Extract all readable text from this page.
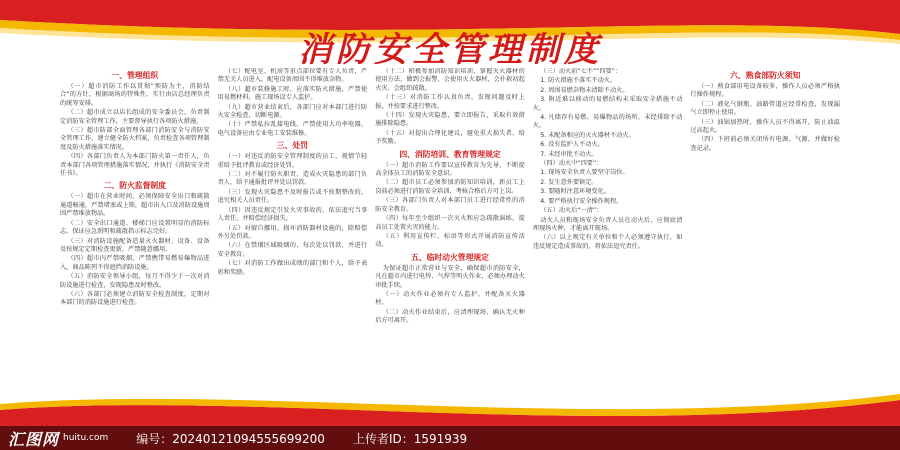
消防安全管理制度
一、管理组织

（一）超市消防工作以贯彻“预防为主，消防结合”的方针，根据商场的特殊性，实行由店总经理负责的统筹安排。

（二）超市成立以店长组成的安全委员会，负责制定消防安全管理工作，主要督导执行各项防火措施。

（三）超市防部全面管理各部门消防安全与消防安全管理工作，建立健全防火档案，负责检查各项管理制度及防火措施落实情况。

（四）各部门负责人为本部门防火第一责任人，负责本部门各项管理措施落实情况，并执行《消防安全责任书》。

二、防火监督制度

（一）超市在营业时间，必须保障安全出口和疏散通道畅通，严禁堵塞或上锁，超市出入口及消防设施周围严禁堆放物品。

（二）安全出口通道、楼梯口应设置明显的消防标志，保证应急照明和疏散指示标志完好。

（三）对消防设施配备适量灭火器材，设备、设备及按规定定期检查更新，严禁随意挪用。

（四）超市内严禁吸烟，严禁携带易燃易爆物品进入，商品陈列不得遮挡消防设施。

（五）消防安全领导小组，每月不得少于一次对消防设施进行检查，发现隐患及时整改。

（六）各部门必须建立消防安全检查制度，定期对本部门的消防设施进行检查。

（七）配电室、机房等重点部位要有专人负责，严禁无关人员进入，配电设备周围不得堆放杂物。

（八）超市装修施工时，应落实防火措施，严禁使用易燃材料，施工现场设专人监护。

（九）超市营业结束后，各部门应对本部门进行防火安全检查，切断电源。

（十）严禁私拉乱接电线，严禁使用大功率电器，电气设备应由专业电工安装维修。

三、处罚

（一）对违反消防安全管理制度的员工，视情节轻重给予批评教育或经济处罚。

（二）对不履行防火职责，造成火灾隐患的部门负责人，给予通报批评并处以罚款。

（三）发现火灾隐患不及时报告或不按期整改的，追究相关人员责任。

（四）因违反规定引发火灾事故的，依法追究当事人责任，并赔偿经济损失。

（五）对擅自挪用、损坏消防器材设施的，除赔偿外另处罚款。

（六）在禁烟区域吸烟的，每次处以罚款，并进行安全教育。

（七）对消防工作做出成绩的部门和个人，给予表彰和奖励。

（十二）积极参加消防知识培训，掌握灭火器材的使用方法，做到会报警、会使用灭火器材、会扑救初起火灾、会组织疏散。

（十三）对消防工作认真负责，发现问题及时上报，并按要求进行整改。

（十四）发现火灾隐患，要立即报告，采取有效措施排除隐患。

（十五）对提出合理化建议，避免重大损失者，给予奖励。

四、消防培训、教育管理规定

（一）超市消防工作要以宣传教育为先导，不断提高全体员工的消防安全意识。

（二）超市员工必须参加消防知识培训，新员工上岗前必须进行消防安全培训，考核合格后方可上岗。

（三）各部门负责人对本部门员工进行经常性的消防安全教育。

（四）每年至少组织一次灭火和应急疏散演练，提高员工处置火灾的能力。

（五）利用宣传栏、标语等形式开展消防宣传活动。

五、临时动火管理规定

为保证超市正常营业与安全，确保超市消防安全，凡在超市内进行电焊、气焊等明火作业，必须办理动火审批手续。

（一）动火作业必须有专人监护，并配备灭火器材。

（二）动火作业结束后，应清理现场，确认无火种后方可离开。

（三）动火前“七不”“四要”：

1. 防火措施不落实不动火。

2. 周围易燃杂物未清除不动火。

3. 附近难以移动的易燃结构未采取安全措施不动火。

4. 凡储存有易燃、易爆物品的场所，未经排除不动火。

5. 未配备相应的灭火器材不动火。

6. 没有监护人不动火。

7. 未经审批不动火。

（四）动火中“四要”：

1. 现场安全负责人要坚守岗位。

2. 发生意外要镇定。

3. 要随时注意环境变化。

4. 要严格执行安全操作规程。

（五）动火后“一清”：

动火人员和现场安全负责人员在动火后，应彻底清理现场火种，才能离开现场。

（六）以上规定有关单位和个人必须遵守执行，如违反规定造成事故的，将依法追究责任。

六、熟食部防火须知

（一）熟食部用电设备较多，操作人员必须严格执行操作规程。

（二）液化气钢瓶、油路管道应经常检查，发现漏气立即停止使用。

（三）油锅加热时，操作人员不得离开，防止油温过高起火。

（四）下班前必须关闭所有电源、气源，并做好检查记录。

汇图网 huitu.com 编号：20240121094555699200 上传者ID：1591939
